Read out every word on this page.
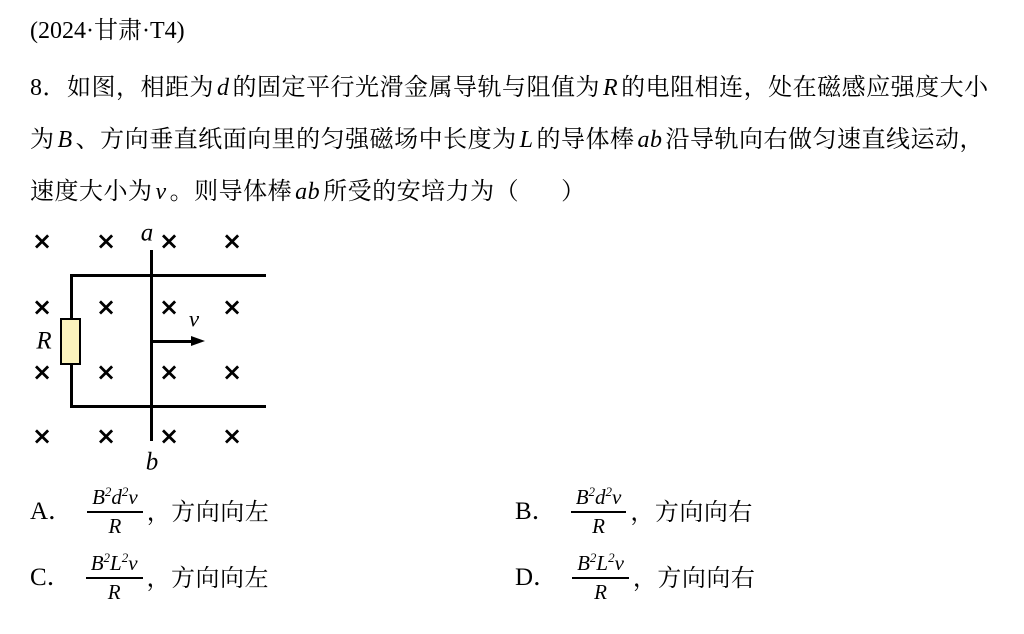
(2024·甘肃·T4)
8．如图，相距为 d 的固定平行光滑金属导轨与阻值为 R 的电阻相连，处在磁感应强度大小
为 B 、方向垂直纸面向里的匀强磁场中长度为 L 的导体棒 ab 沿导轨向右做匀速直线运动，
速度大小为 v 。则导体棒 ab 所受的安培力为（ ）
× × × ×
× × × ×
× × × ×
× × × ×
a
b
R
v
A． $\frac{B^2d^2v}{R}$ ，方向向左	B． $\frac{B^2d^2v}{R}$ ，方向向右
C． $\frac{B^2L^2v}{R}$ ，方向向左	D． $\frac{B^2L^2v}{R}$ ，方向向右
